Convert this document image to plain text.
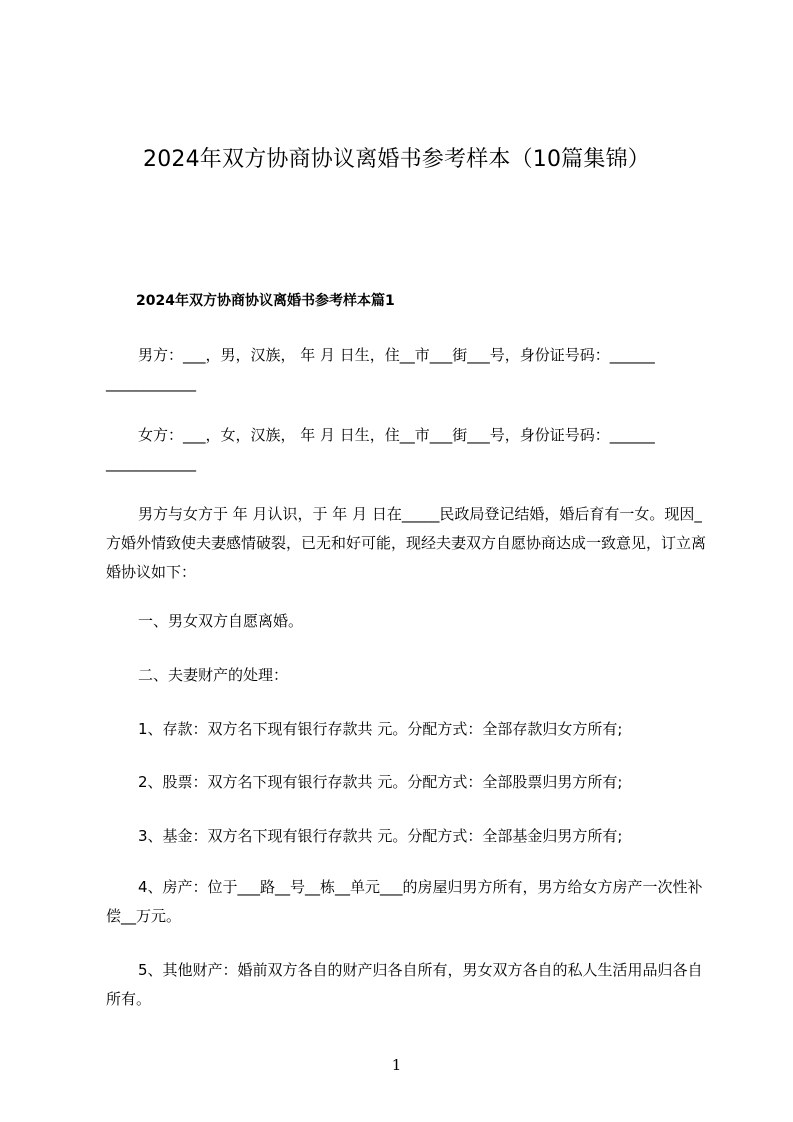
2024年双方协商协议离婚书参考样本（10篇集锦）
2024年双方协商协议离婚书参考样本篇1
男方：___，男，汉族， 年 月 日生，住__市___街___号，身份证号码：______
____________
女方：___，女，汉族， 年 月 日生，住__市___街___号，身份证号码：______
____________
男方与女方于 年 月认识，于 年 月 日在_____民政局登记结婚，婚后育有一女。现因_方婚外情致使夫妻感情破裂，已无和好可能，现经夫妻双方自愿协商达成一致意见，订立离婚协议如下：
一、男女双方自愿离婚。
二、夫妻财产的处理：
1、存款：双方名下现有银行存款共 元。分配方式：全部存款归女方所有;
2、股票：双方名下现有银行存款共 元。分配方式：全部股票归男方所有;
3、基金：双方名下现有银行存款共 元。分配方式：全部基金归男方所有;
4、房产：位于___路__号__栋__单元___的房屋归男方所有，男方给女方房产一次性补偿__万元。
5、其他财产：婚前双方各自的财产归各自所有，男女双方各自的私人生活用品归各自所有。
1
